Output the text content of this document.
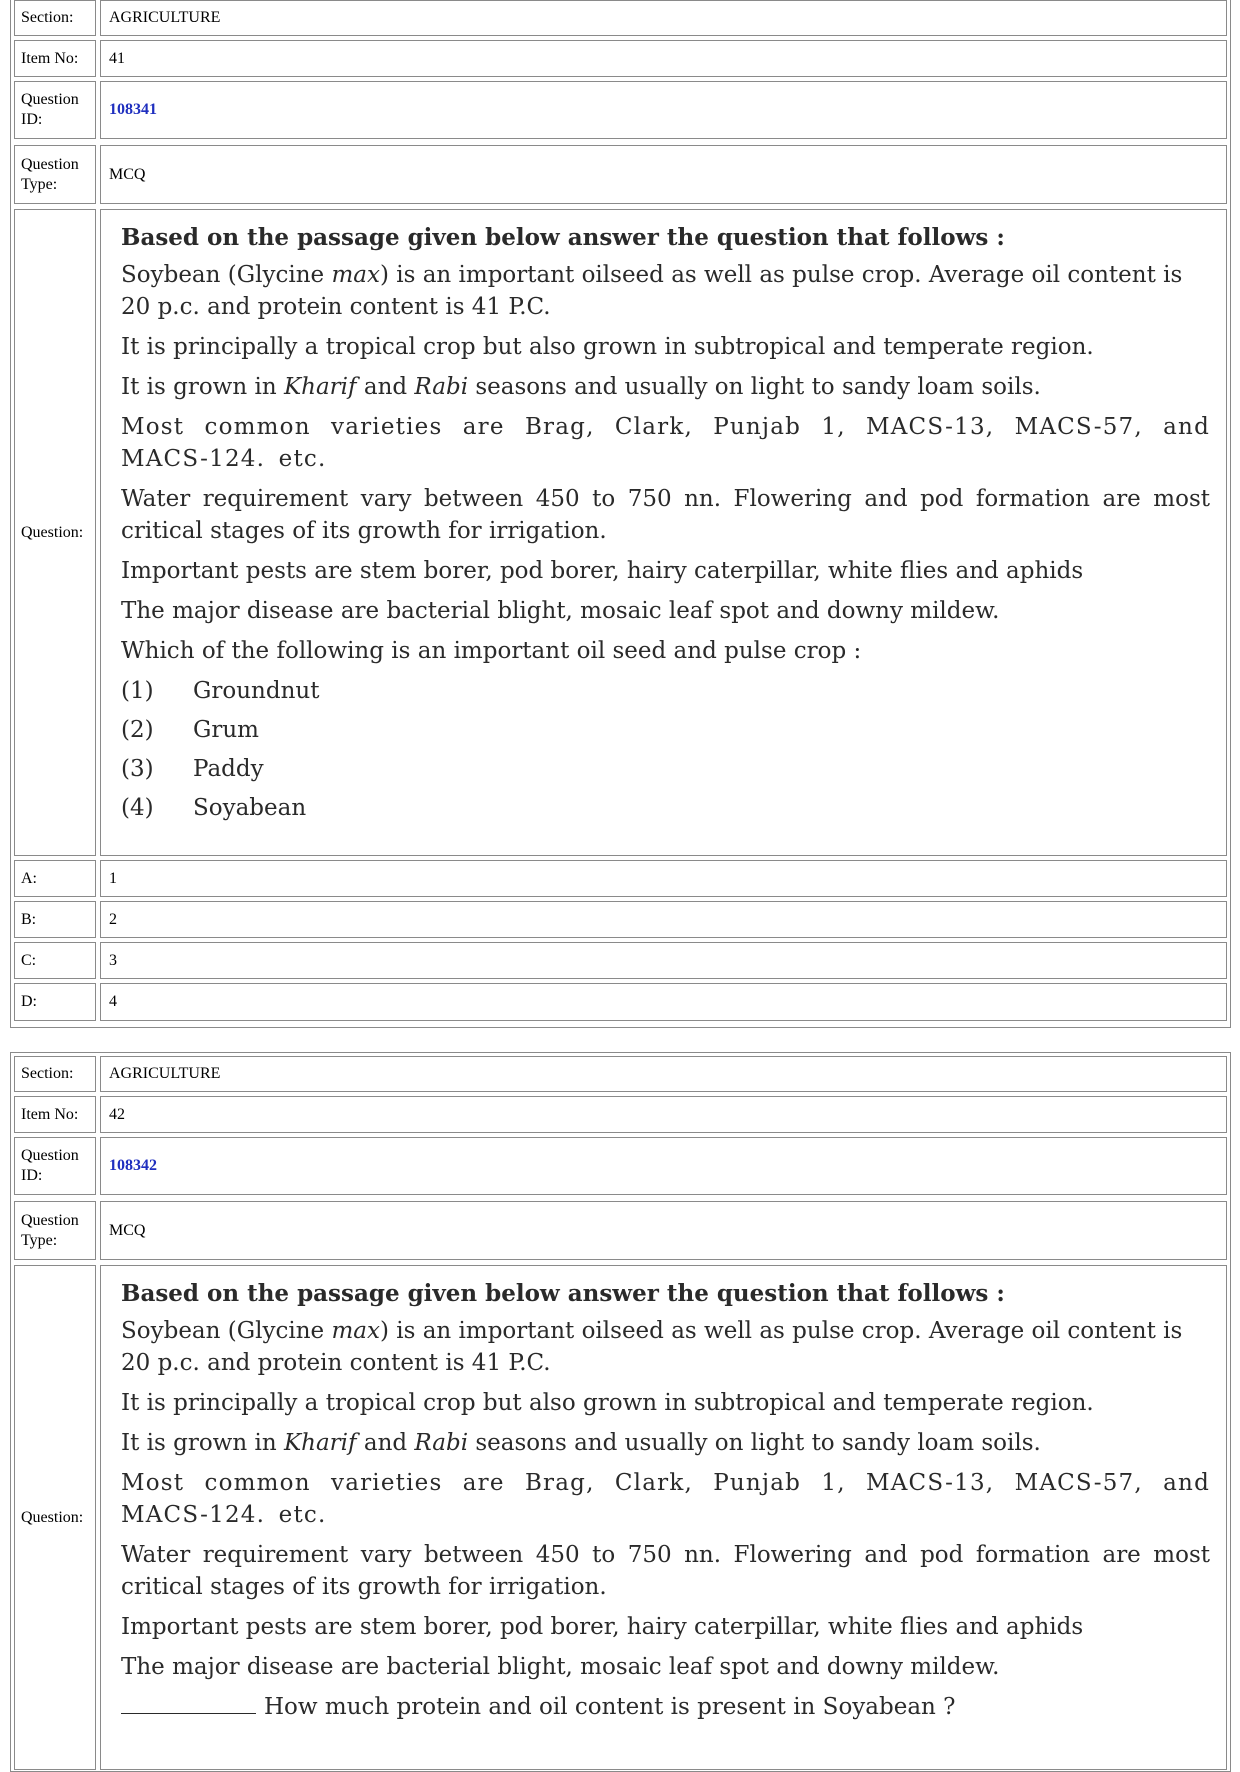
Section:	AGRICULTURE
Item No:	41
Question ID:
108341
Question Type:
MCQ
Question:
Based on the passage given below answer the question that follows :

Soybean (Glycine max) is an important oilseed as well as pulse crop. Average oil content is 20 p.c. and protein content is 41 P.C.

It is principally a tropical crop but also grown in subtropical and temperate region.

It is grown in Kharif and Rabi seasons and usually on light to sandy loam soils.

Most common varieties are Brag, Clark, Punjab 1, MACS-13, MACS-57, and MACS-124. etc.

Water requirement vary between 450 to 750 nn. Flowering and pod formation are most critical stages of its growth for irrigation.

Important pests are stem borer, pod borer, hairy caterpillar, white flies and aphids

The major disease are bacterial blight, mosaic leaf spot and downy mildew.

Which of the following is an important oil seed and pulse crop :

(1)	Groundnut
(2)	Grum
(3)	Paddy
(4)	Soyabean
A:	1
B:	2
C:	3
D:	4
Section:	AGRICULTURE
Item No:	42
Question ID:
108342
Question Type:
MCQ
Question:
Based on the passage given below answer the question that follows :

Soybean (Glycine max) is an important oilseed as well as pulse crop. Average oil content is 20 p.c. and protein content is 41 P.C.

It is principally a tropical crop but also grown in subtropical and temperate region.

It is grown in Kharif and Rabi seasons and usually on light to sandy loam soils.

Most common varieties are Brag, Clark, Punjab 1, MACS-13, MACS-57, and MACS-124. etc.

Water requirement vary between 450 to 750 nn. Flowering and pod formation are most critical stages of its growth for irrigation.

Important pests are stem borer, pod borer, hairy caterpillar, white flies and aphids

The major disease are bacterial blight, mosaic leaf spot and downy mildew.

How much protein and oil content is present in Soyabean ?
